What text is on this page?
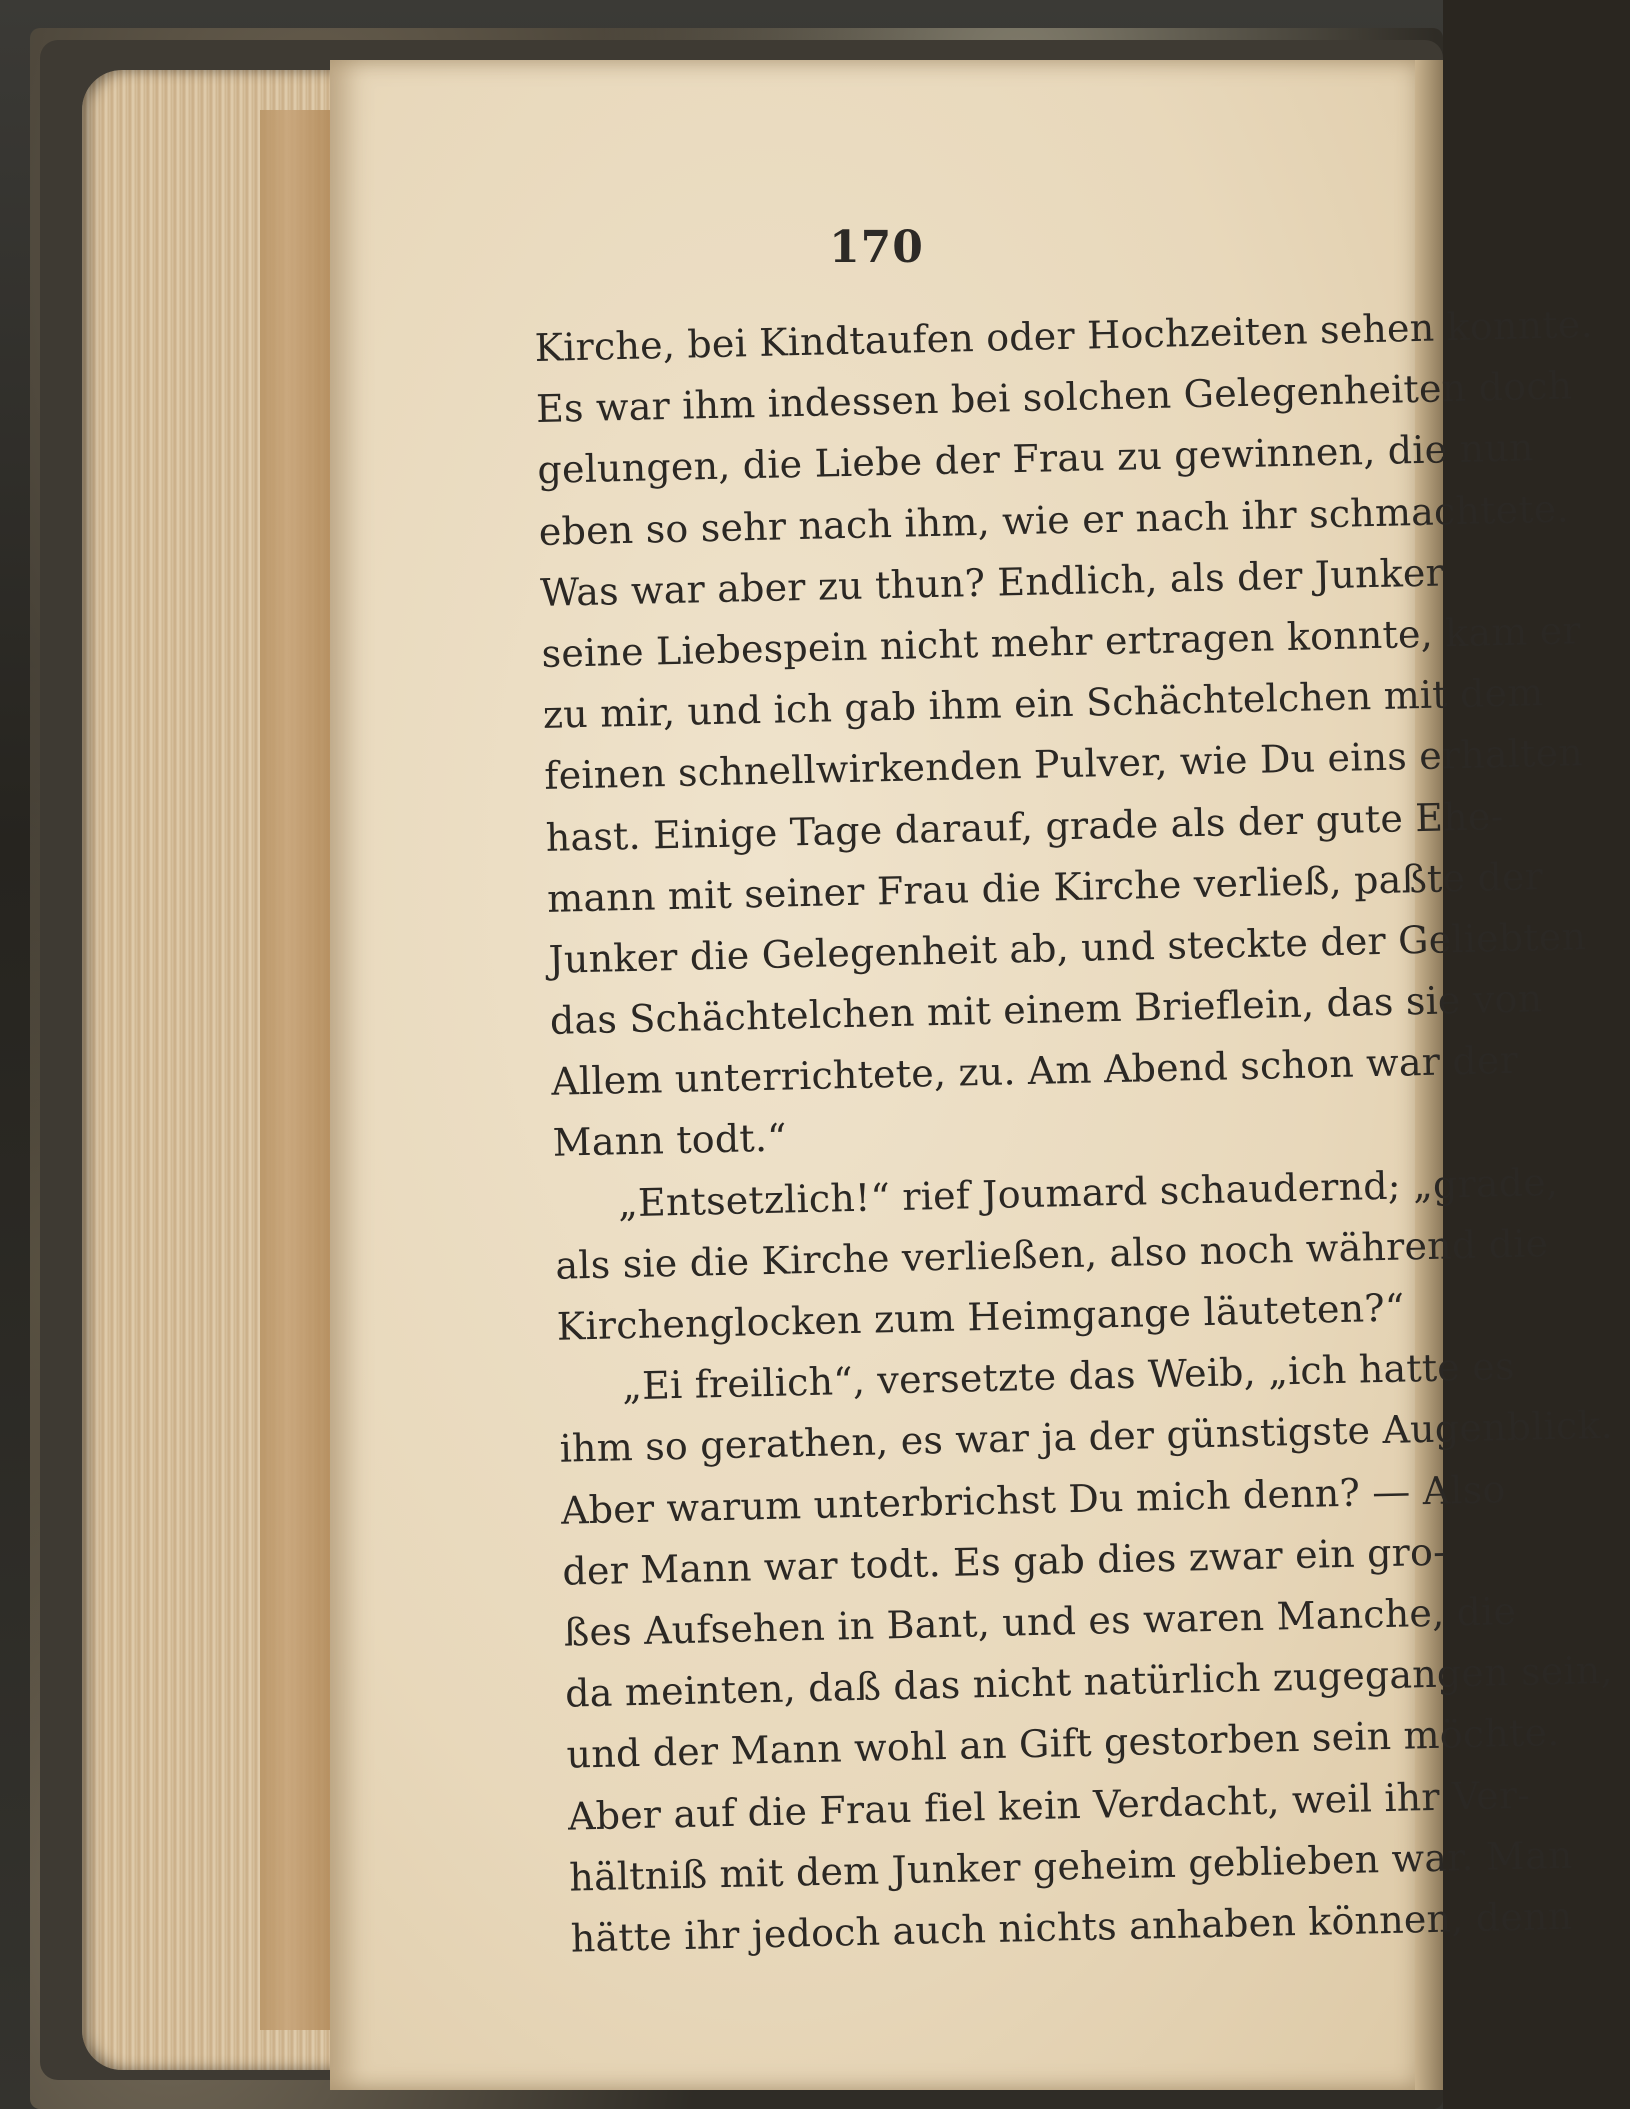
170
Kirche, bei Kindtaufen oder Hochzeiten sehen konnte.
Es war ihm indessen bei solchen Gelegenheiten doch
gelungen, die Liebe der Frau zu gewinnen, die nun
eben so sehr nach ihm, wie er nach ihr schmachtete.
Was war aber zu thun? Endlich, als der Junker
seine Liebespein nicht mehr ertragen konnte, kam er
zu mir, und ich gab ihm ein Schächtelchen mit dem
feinen schnellwirkenden Pulver, wie Du eins erhalten
hast. Einige Tage darauf, grade als der gute Ehe-
mann mit seiner Frau die Kirche verließ, paßte der
Junker die Gelegenheit ab, und steckte der Geliebten
das Schächtelchen mit einem Brieflein, das sie von
Allem unterrichtete, zu. Am Abend schon war der
Mann todt.“
„Entsetzlich!“ rief Joumard schaudernd; „grade,
als sie die Kirche verließen, also noch während die
Kirchenglocken zum Heimgange läuteten?“
„Ei freilich“, versetzte das Weib, „ich hatte es
ihm so gerathen, es war ja der günstigste Augenblick.
Aber warum unterbrichst Du mich denn? — Also
der Mann war todt. Es gab dies zwar ein gro-
ßes Aufsehen in Bant, und es waren Manche, die
da meinten, daß das nicht natürlich zugegangen sein,
und der Mann wohl an Gift gestorben sein möchte.
Aber auf die Frau fiel kein Verdacht, weil ihr Ver-
hältniß mit dem Junker geheim geblieben war. Man
hätte ihr jedoch auch nichts anhaben können, denn
